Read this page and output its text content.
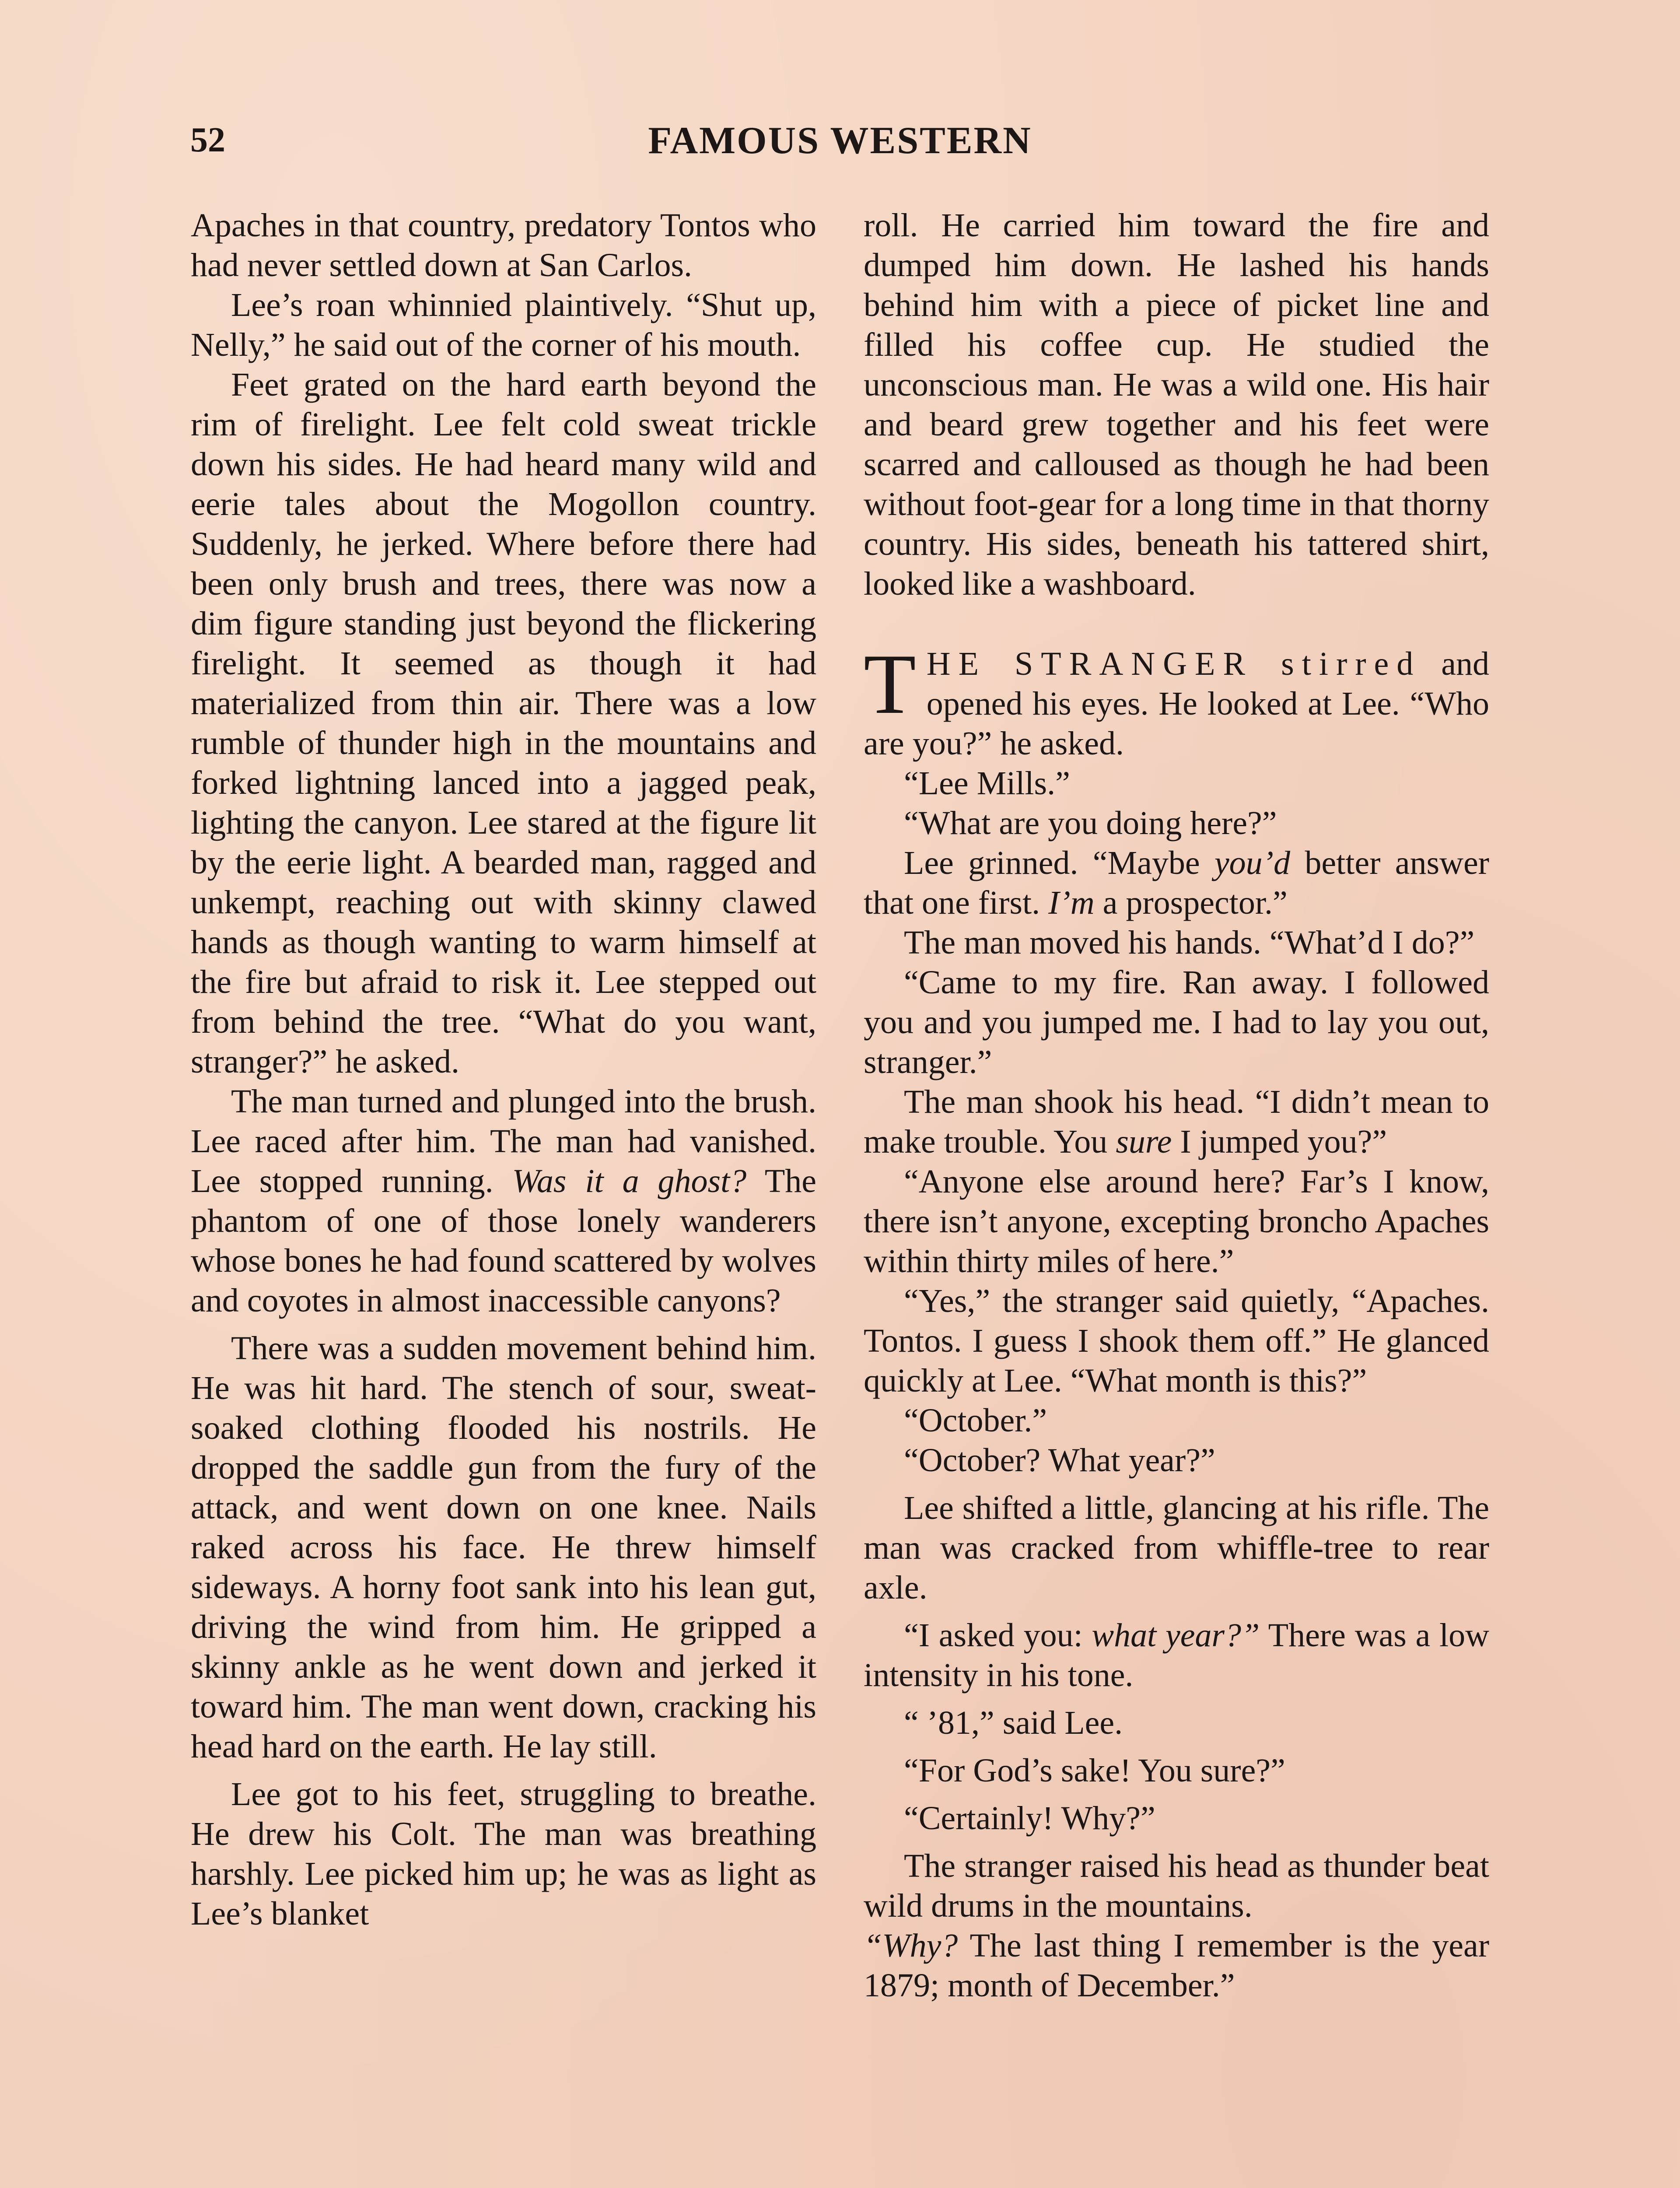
52	FAMOUS WESTERN

Apaches in that country, predatory Tontos who had never settled down at San Carlos.

Lee’s roan whinnied plaintively. “Shut up, Nelly,” he said out of the corner of his mouth.

Feet grated on the hard earth beyond the rim of firelight. Lee felt cold sweat trickle down his sides. He had heard many wild and eerie tales about the Mogollon country. Suddenly, he jerked. Where before there had been only brush and trees, there was now a dim figure standing just beyond the flickering firelight. It seemed as though it had materialized from thin air. There was a low rumble of thunder high in the mountains and forked lightning lanced into a jagged peak, lighting the canyon. Lee stared at the figure lit by the eerie light. A bearded man, ragged and unkempt, reaching out with skinny clawed hands as though wanting to warm himself at the fire but afraid to risk it. Lee stepped out from behind the tree. “What do you want, stranger?” he asked.

The man turned and plunged into the brush. Lee raced after him. The man had vanished. Lee stopped running. Was it a ghost? The phantom of one of those lonely wanderers whose bones he had found scattered by wolves and coyotes in almost inaccessible canyons?

There was a sudden movement behind him. He was hit hard. The stench of sour, sweat-soaked clothing flooded his nostrils. He dropped the saddle gun from the fury of the attack, and went down on one knee. Nails raked across his face. He threw himself sideways. A horny foot sank into his lean gut, driving the wind from him. He gripped a skinny ankle as he went down and jerked it toward him. The man went down, cracking his head hard on the earth. He lay still.

Lee got to his feet, struggling to breathe. He drew his Colt. The man was breathing harshly. Lee picked him up; he was as light as Lee’s blanket

roll. He carried him toward the fire and dumped him down. He lashed his hands behind him with a piece of picket line and filled his coffee cup. He studied the unconscious man. He was a wild one. His hair and beard grew together and his feet were scarred and calloused as though he had been without foot-gear for a long time in that thorny country. His sides, beneath his tattered shirt, looked like a washboard.

THE STRANGER stirred and opened his eyes. He looked at Lee. “Who are you?” he asked.

“Lee Mills.”

“What are you doing here?”

Lee grinned. “Maybe you’d better answer that one first. I’m a prospector.”

The man moved his hands. “What’d I do?”

“Came to my fire. Ran away. I followed you and you jumped me. I had to lay you out, stranger.”

The man shook his head. “I didn’t mean to make trouble. You sure I jumped you?”

“Anyone else around here? Far’s I know, there isn’t anyone, excepting broncho Apaches within thirty miles of here.”

“Yes,” the stranger said quietly, “Apaches. Tontos. I guess I shook them off.” He glanced quickly at Lee. “What month is this?”

“October.”

“October? What year?”

Lee shifted a little, glancing at his rifle. The man was cracked from whiffle-tree to rear axle.

“I asked you: what year?” There was a low intensity in his tone.

“ ’81,” said Lee.

“For God’s sake! You sure?”

“Certainly! Why?”

The stranger raised his head as thunder beat wild drums in the mountains.

“Why? The last thing I remember is the year 1879; month of December.”
